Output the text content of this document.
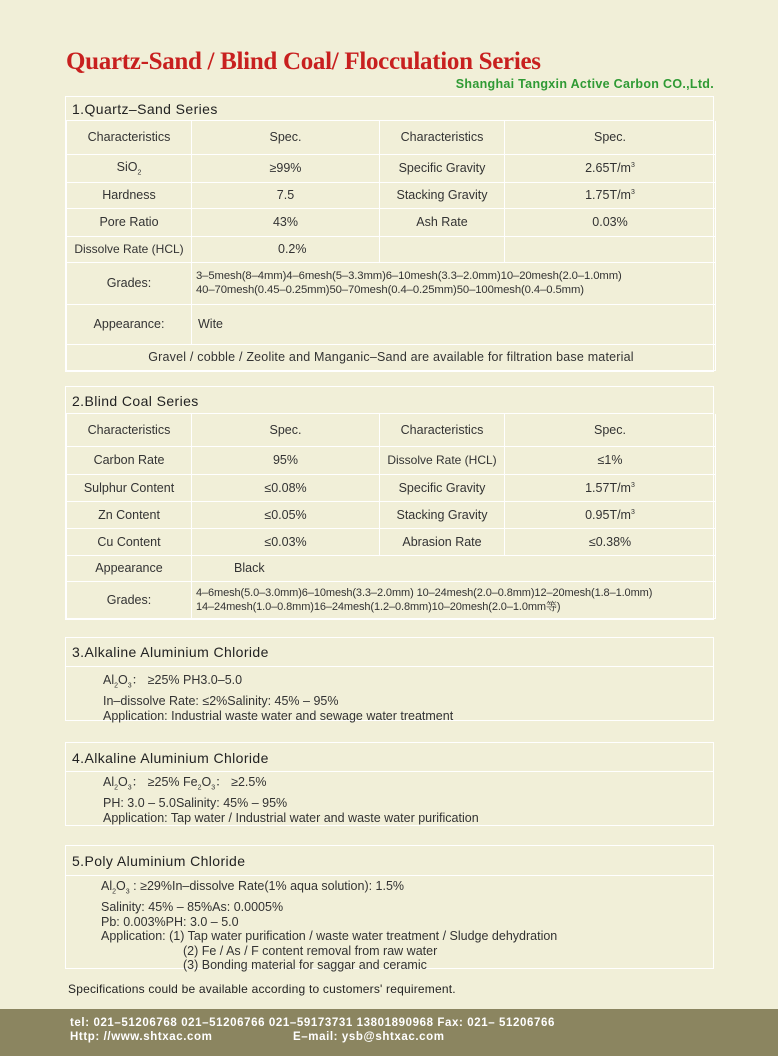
Quartz-Sand / Blind Coal/ Flocculation Series
Shanghai Tangxin Active Carbon CO.,Ltd.
1.Quartz–Sand Series
Characteristics	Spec.	Characteristics	Spec.
SiO$_2$	≥99%	Specific Gravity	$2.65T/m^3$
Hardness	7.5	Stacking Gravity	$1.75T/m^3$
Pore Ratio	43%	Ash Rate	0.03%
Dissolve Rate (HCL)	0.2%		
Grades:	3–5mesh(8–4mm)4–6mesh(5–3.3mm)6–10mesh(3.3–2.0mm)10–20mesh(2.0–1.0mm)
40–70mesh(0.45–0.25mm)50–70mesh(0.4–0.25mm)50–100mesh(0.4–0.5mm)		

Appearance:	Wite		
Gravel / cobble / Zeolite and Manganic–Sand are available for filtration base material			
2.Blind Coal Series
Characteristics	Spec.	Characteristics	Spec.
Carbon Rate	95%	Dissolve Rate (HCL)	≤1%
Sulphur Content	≤0.08%	Specific Gravity	$1.57T/m^3$
Zn Content	≤0.05%	Stacking Gravity	$0.95T/m^3$
Cu Content	≤0.03%	Abrasion Rate	≤0.38%
Appearance	Black		
Grades:	4–6mesh(5.0–3.0mm)6–10mesh(3.3–2.0mm) 10–24mesh(2.0–0.8mm)12–20mesh(1.8–1.0mm)
14–24mesh(1.0–0.8mm)16–24mesh(1.2–0.8mm)10–20mesh(2.0–1.0mm等)		
3.Alkaline Aluminium Chloride
$Al_2O_3$： ≥25% PH3.0–5.0
In–dissolve Rate: ≤2%Salinity: 45% – 95%
Application: Industrial waste water and sewage water treatment
4.Alkaline Aluminium Chloride
$Al_2O_3$： ≥25% $Fe_2O_3$： ≥2.5%
PH: 3.0 – 5.0Salinity: 45% – 95%
Application: Tap water / Industrial water and waste water purification
5.Poly Aluminium Chloride
$Al_2O_3$ : ≥29%In–dissolve Rate(1% aqua solution): 1.5%
Salinity: 45% – 85%As: 0.0005%
Pb: 0.003%PH: 3.0 – 5.0
Application: (1) Tap water purification / waste water treatment / Sludge dehydration
(2) Fe / As / F content removal from raw water
(3) Bonding material for saggar and ceramic
Specifications could be available according to customers' requirement.
tel: 021–51206768 021–51206766 021–59173731 13801890968 Fax: 021– 51206766
Http: //www.shtxac.com	E–mail: ysb@shtxac.com
